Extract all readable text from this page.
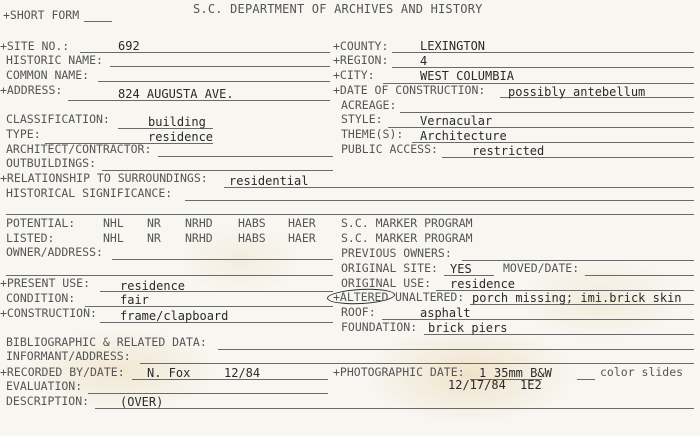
+SHORT FORM	S.C. DEPARTMENT OF ARCHIVES AND HISTORY
+SITE NO.:	692
HISTORIC NAME:
COMMON NAME:
+ADDRESS:	824 AUGUSTA AVE.
CLASSIFICATION:	building
TYPE:	residence
ARCHITECT/CONTRACTOR:
OUTBUILDINGS:
+COUNTY:	LEXINGTON
+REGION:	4
+CITY:	WEST COLUMBIA
+DATE OF CONSTRUCTION: possibly antebellum
ACREAGE:
STYLE:	Vernacular
THEME(S): Architecture
PUBLIC ACCESS:	restricted
+RELATIONSHIP TO SURROUNDINGS: residential
HISTORICAL SIGNIFICANCE:
POTENTIAL: NHL NR NRHD HABS HAER
LISTED:	NHL NR NRHD HABS HAER
OWNER/ADDRESS:
S.C. MARKER PROGRAM
S.C. MARKER PROGRAM
PREVIOUS OWNERS:
ORIGINAL SITE: YES	MOVED/DATE:
ORIGINAL USE: residence
+ALTERED UNALTERED: porch missing; imi.brick skin
ROOF:	asphalt
FOUNDATION: brick piers
+PRESENT USE: residence
CONDITION:	fair
+CONSTRUCTION: frame/clapboard
BIBLIOGRAPHIC & RELATED DATA:
INFORMANT/ADDRESS:
+RECORDED BY/DATE: N. Fox	12/84
EVALUATION:
DESCRIPTION:	(OVER)
+PHOTOGRAPHIC DATE: 1 35mm B&W	color slides
12/17/84 1E2
